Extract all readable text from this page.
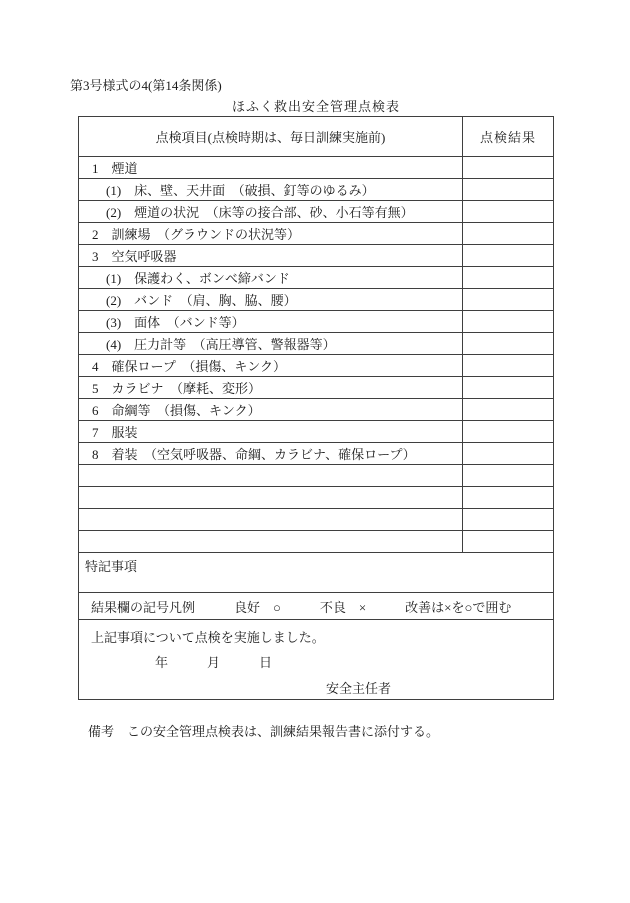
第3号様式の4(第14条関係)
ほふく救出安全管理点検表
点検項目(点検時期は、毎日訓練実施前)	点検結果
1　煙道	
(1)　床、壁、天井面　（破損、釘等のゆるみ）	
(2)　煙道の状況　（床等の接合部、砂、小石等有無）	
2　訓練場　（グラウンドの状況等）	
3　空気呼吸器	
(1)　保護わく、ボンベ締バンド	
(2)　バンド　（肩、胸、脇、腰）	
(3)　面体　（バンド等）	
(4)　圧力計等　（高圧導管、警報器等）	
4　確保ロープ　（損傷、キンク）	
5　カラビナ　（摩耗、変形）	
6　命綱等　（損傷、キンク）	
7　服装	
8　着装　（空気呼吸器、命綱、カラビナ、確保ロープ）	

特記事項	
結果欄の記号凡例　　　良好　○　　　不良　×　　　改善は×を○で囲む	

上記事項について点検を実施しました。
年　　　月　　　日
安全主任者	
備考　この安全管理点検表は、訓練結果報告書に添付する。
